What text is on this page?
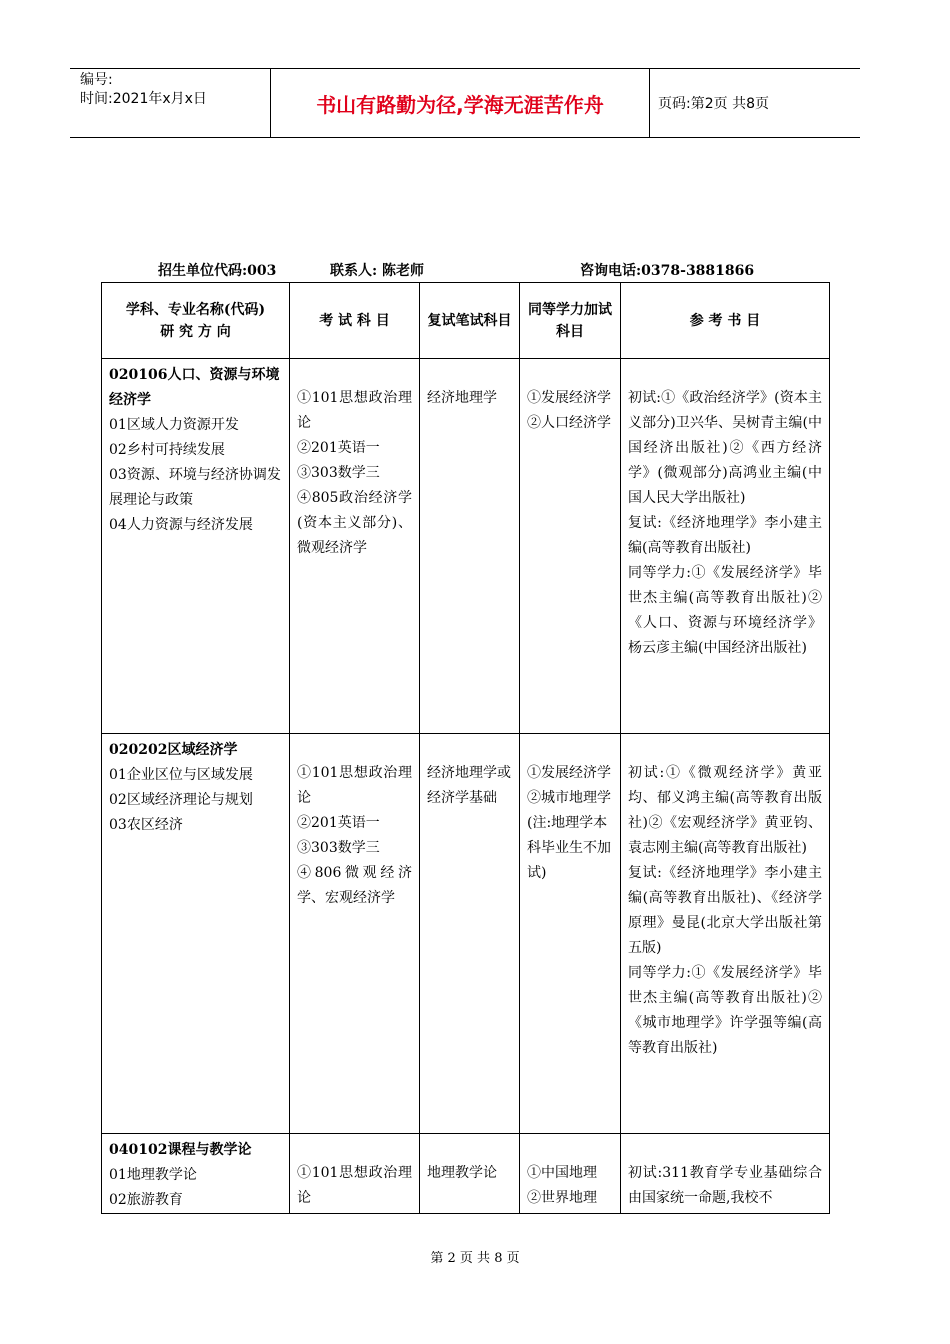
编号:
时间:2021年x月x日	书山有路勤为径,学海无涯苦作舟	页码:第2页 共8页
招生单位代码:003	联系人: 陈老师	咨询电话:0378-3881866
学科、专业名称(代码)
研 究 方 向	考 试 科 目	复试笔试科目	同等学力加试科目	参 考 书 目

020106人口、资源与环境经济学
01区域人力资源开发
02乡村可持续发展
03资源、环境与经济协调发展理论与政策
04人力资源与经济发展	①101思想政治理论
②201英语一
③303数学三
④805政治经济学(资本主义部分)、微观经济学	经济地理学	①发展经济学
②人口经济学	初试:①《政治经济学》(资本主义部分)卫兴华、吴树青主编(中国经济出版社)②《西方经济学》(微观部分)高鸿业主编(中国人民大学出版社)
复试:《经济地理学》李小建主编(高等教育出版社)
同等学力:①《发展经济学》毕世杰主编(高等教育出版社)②《人口、资源与环境经济学》杨云彦主编(中国经济出版社)

020202区域经济学
01企业区位与区域发展
02区域经济理论与规划
03农区经济	①101思想政治理论
②201英语一
③303数学三
④806微观经济学、宏观经济学	经济地理学或经济学基础	①发展经济学
②城市地理学
(注:地理学本科毕业生不加试)	初试:①《微观经济学》黄亚均、郁义鸿主编(高等教育出版社)②《宏观经济学》黄亚钧、袁志刚主编(高等教育出版社)
复试:《经济地理学》李小建主编(高等教育出版社)、《经济学原理》曼昆(北京大学出版社第五版)
同等学力:①《发展经济学》毕世杰主编(高等教育出版社)②《城市地理学》许学强等编(高等教育出版社)

040102课程与教学论
01地理教学论
02旅游教育	①101思想政治理论	地理教学论	①中国地理
②世界地理	初试:311教育学专业基础综合由国家统一命题,我校不
第 2 页 共 8 页
